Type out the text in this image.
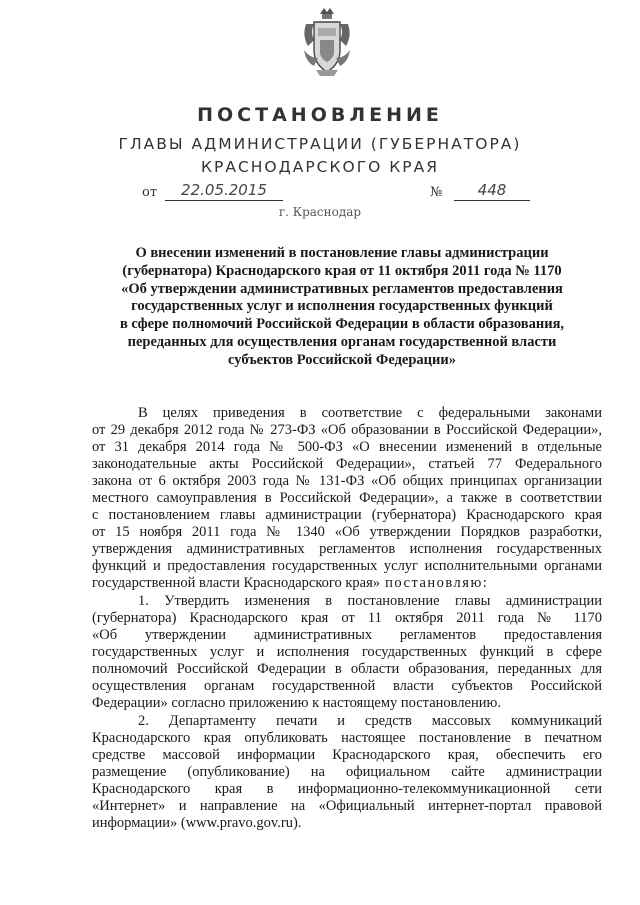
ПОСТАНОВЛЕНИЕ
ГЛАВЫ АДМИНИСТРАЦИИ (ГУБЕРНАТОРА)
КРАСНОДАРСКОГО КРАЯ
от	22.05.2015	№	448
г. Краснодар
О внесении изменений в постановление главы администрации
(губернатора) Краснодарского края от 11 октября 2011 года № 1170
«Об утверждении административных регламентов предоставления
государственных услуг и исполнения государственных функций
в сфере полномочий Российской Федерации в области образования,
переданных для осуществления органам государственной власти
субъектов Российской Федерации»

В целях приведения в соответствие с федеральными законами

от 29 декабря 2012 года № 273-ФЗ «Об образовании в Российской Федерации»,

от 31 декабря 2014 года № 500-ФЗ «О внесении изменений в отдельные

законодательные акты Российской Федерации», статьей 77 Федерального

закона от 6 октября 2003 года № 131-ФЗ «Об общих принципах организации

местного самоуправления в Российской Федерации», а также в соответствии

с постановлением главы администрации (губернатора) Краснодарского края

от 15 ноября 2011 года № 1340 «Об утверждении Порядков разработки,

утверждения административных регламентов исполнения государственных

функций и предоставления государственных услуг исполнительными органами

государственной власти Краснодарского края» постановляю:

1. Утвердить изменения в постановление главы администрации

(губернатора) Краснодарского края от 11 октября 2011 года № 1170

«Об утверждении административных регламентов предоставления

государственных услуг и исполнения государственных функций в сфере

полномочий Российской Федерации в области образования, переданных для

осуществления органам государственной власти субъектов Российской

Федерации» согласно приложению к настоящему постановлению.

2. Департаменту печати и средств массовых коммуникаций

Краснодарского края опубликовать настоящее постановление в печатном

средстве массовой информации Краснодарского края, обеспечить его

размещение (опубликование) на официальном сайте администрации

Краснодарского края в информационно-телекоммуникационной сети

«Интернет» и направление на «Официальный интернет-портал правовой

информации» (www.pravo.gov.ru).
